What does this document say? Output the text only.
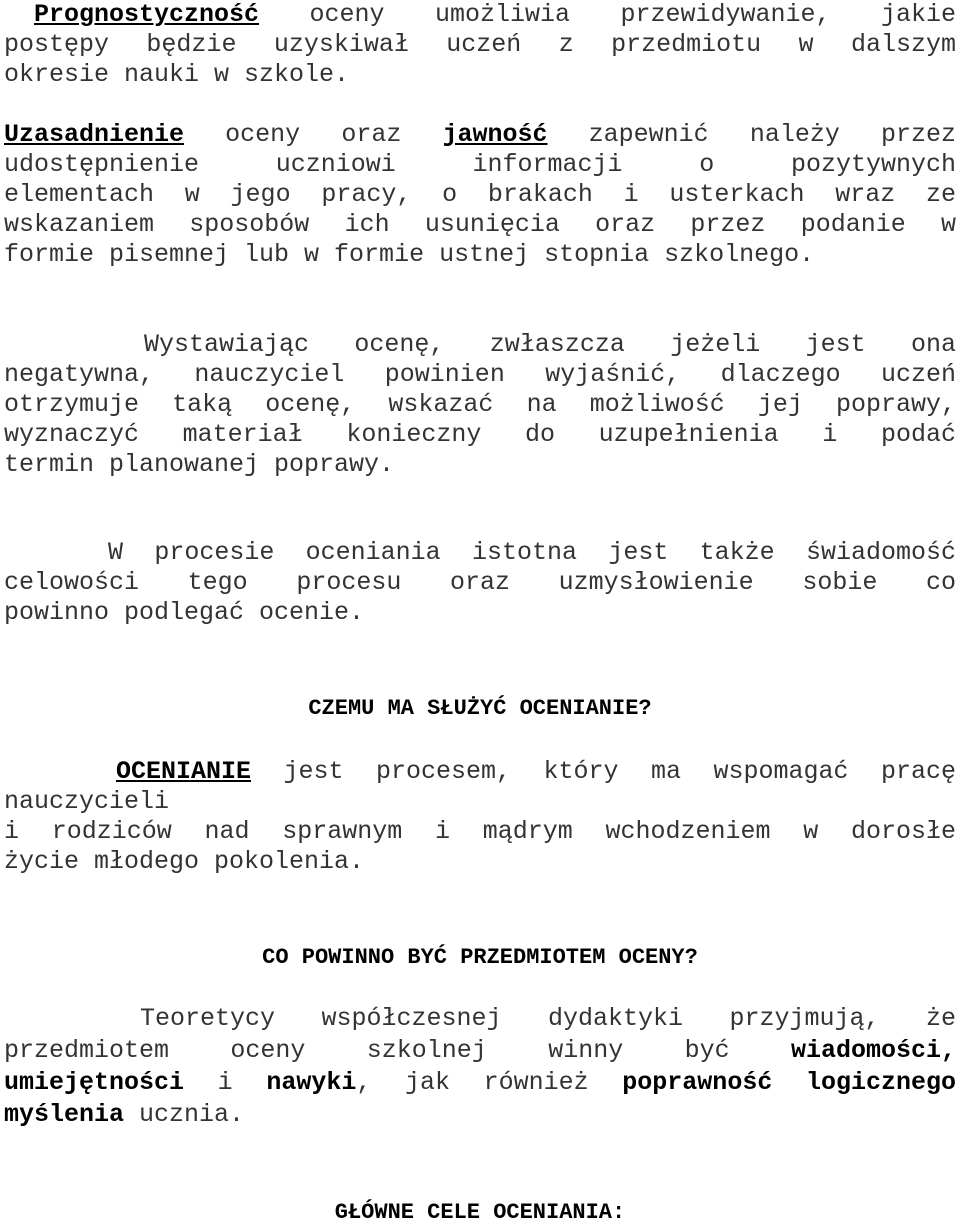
Prognostyczność oceny umożliwia przewidywanie, jakie
postępy będzie uzyskiwał uczeń z przedmiotu w dalszym
okresie nauki w szkole.
Uzasadnienie oceny oraz jawność zapewnić należy przez
udostępnienie uczniowi informacji o pozytywnych
elementach w jego pracy, o brakach i usterkach wraz ze
wskazaniem sposobów ich usunięcia oraz przez podanie w
formie pisemnej lub w formie ustnej stopnia szkolnego.
Wystawiając ocenę, zwłaszcza jeżeli jest ona
negatywna, nauczyciel powinien wyjaśnić, dlaczego uczeń
otrzymuje taką ocenę, wskazać na możliwość jej poprawy,
wyznaczyć materiał konieczny do uzupełnienia i podać
termin planowanej poprawy.
W procesie oceniania istotna jest także świadomość
celowości tego procesu oraz uzmysłowienie sobie co
powinno podlegać ocenie.
CZEMU MA SŁUŻYĆ OCENIANIE?
OCENIANIE jest procesem, który ma wspomagać pracę
nauczycieli
i rodziców nad sprawnym i mądrym wchodzeniem w dorosłe
życie młodego pokolenia.
CO POWINNO BYĆ PRZEDMIOTEM OCENY?
Teoretycy współczesnej dydaktyki przyjmują, że
przedmiotem oceny szkolnej winny być wiadomości,
umiejętności i nawyki, jak również poprawność logicznego
myślenia ucznia.
GŁÓWNE CELE OCENIANIA:
